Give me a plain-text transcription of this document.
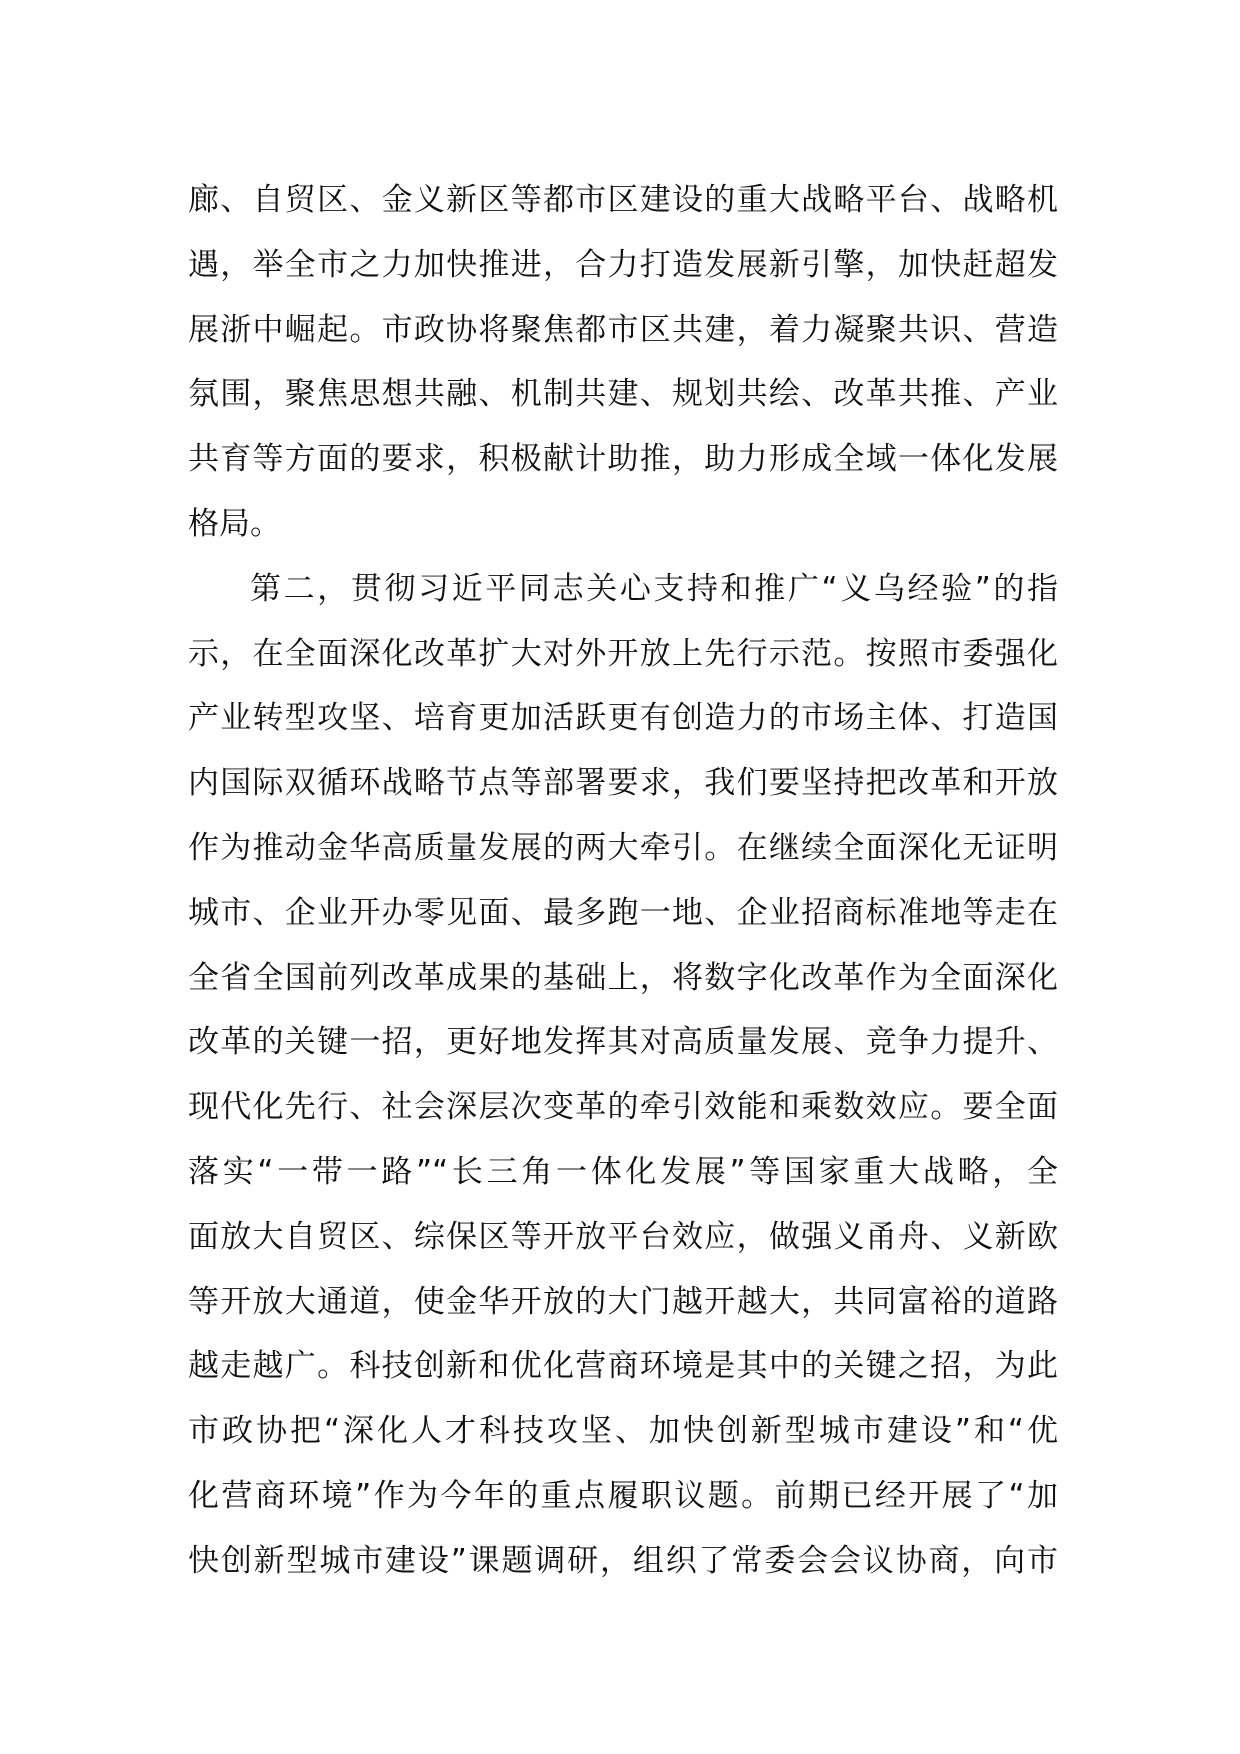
廊、自贸区、金义新区等都市区建设的重大战略平台、战略机
遇，举全市之力加快推进，合力打造发展新引擎，加快赶超发
展浙中崛起。市政协将聚焦都市区共建，着力凝聚共识、营造
氛围，聚焦思想共融、机制共建、规划共绘、改革共推、产业
共育等方面的要求，积极献计助推，助力形成全域一体化发展
格局。
第二，贯彻习近平同志关心支持和推广“义乌经验”的指
示，在全面深化改革扩大对外开放上先行示范。按照市委强化
产业转型攻坚、培育更加活跃更有创造力的市场主体、打造国
内国际双循环战略节点等部署要求，我们要坚持把改革和开放
作为推动金华高质量发展的两大牵引。在继续全面深化无证明
城市、企业开办零见面、最多跑一地、企业招商标准地等走在
全省全国前列改革成果的基础上，将数字化改革作为全面深化
改革的关键一招，更好地发挥其对高质量发展、竞争力提升、
现代化先行、社会深层次变革的牵引效能和乘数效应。要全面
落实“一带一路”“长三角一体化发展”等国家重大战略，全
面放大自贸区、综保区等开放平台效应，做强义甬舟、义新欧
等开放大通道，使金华开放的大门越开越大，共同富裕的道路
越走越广。科技创新和优化营商环境是其中的关键之招，为此
市政协把“深化人才科技攻坚、加快创新型城市建设”和“优
化营商环境”作为今年的重点履职议题。前期已经开展了“加
快创新型城市建设”课题调研，组织了常委会会议协商，向市
